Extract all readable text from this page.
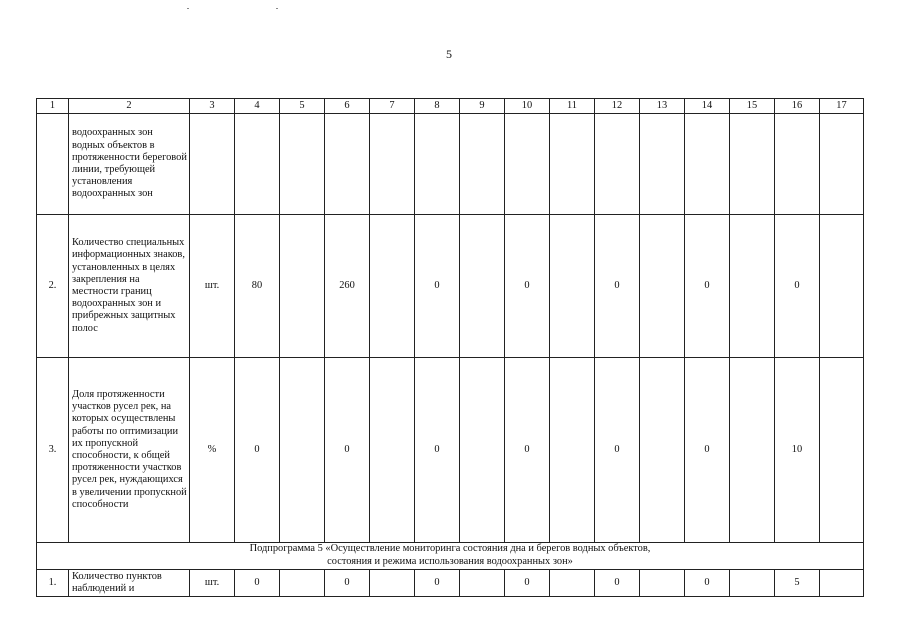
5
1	2	3	4	5	6	7	8	9	10	11	12	13	14	15	16	17
	водоохранных зон водных объектов в протяженности береговой линии, требующей установления водоохранных зон															
2.	Количество специальных информационных знаков, установленных в целях закрепления на местности границ водоохранных зон и прибрежных защитных полос	шт.	80		260		0		0		0		0		0	
3.	Доля протяженности участков русел рек, на которых осуществлены работы по оптимизации их пропускной способности, к общей протяженности участков русел рек, нуждающихся в увеличении пропускной способности	%	0		0		0		0		0		0		10	

Подпрограмма 5 «Осуществление мониторинга состояния дна и берегов водных объектов,
состояния и режима использования водоохранных зон»																

1.	Количество пунктов наблюдений и	шт.	0		0		0		0		0		0		5	
